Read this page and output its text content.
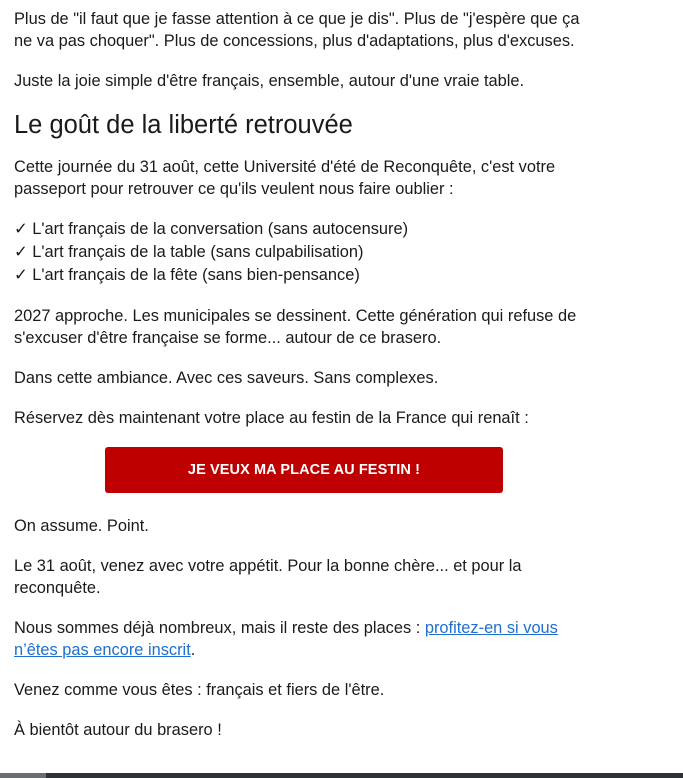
Plus de "il faut que je fasse attention à ce que je dis". Plus de "j'espère que ça ne va pas choquer". Plus de concessions, plus d'adaptations, plus d'excuses.

Juste la joie simple d'être français, ensemble, autour d'une vraie table.

Le goût de la liberté retrouvée

Cette journée du 31 août, cette Université d'été de Reconquête, c'est votre passeport pour retrouver ce qu'ils veulent nous faire oublier :

✓ L'art français de la conversation (sans autocensure)
✓ L'art français de la table (sans culpabilisation)
✓ L'art français de la fête (sans bien-pensance)

2027 approche. Les municipales se dessinent. Cette génération qui refuse de s'excuser d'être française se forme... autour de ce brasero.

Dans cette ambiance. Avec ces saveurs. Sans complexes.

Réservez dès maintenant votre place au festin de la France qui renaît :

JE VEUX MA PLACE AU FESTIN !

On assume. Point.

Le 31 août, venez avec votre appétit. Pour la bonne chère... et pour la reconquête.

Nous sommes déjà nombreux, mais il reste des places : profitez-en si vous n’êtes pas encore inscrit.

Venez comme vous êtes : français et fiers de l'être.

À bientôt autour du brasero !
